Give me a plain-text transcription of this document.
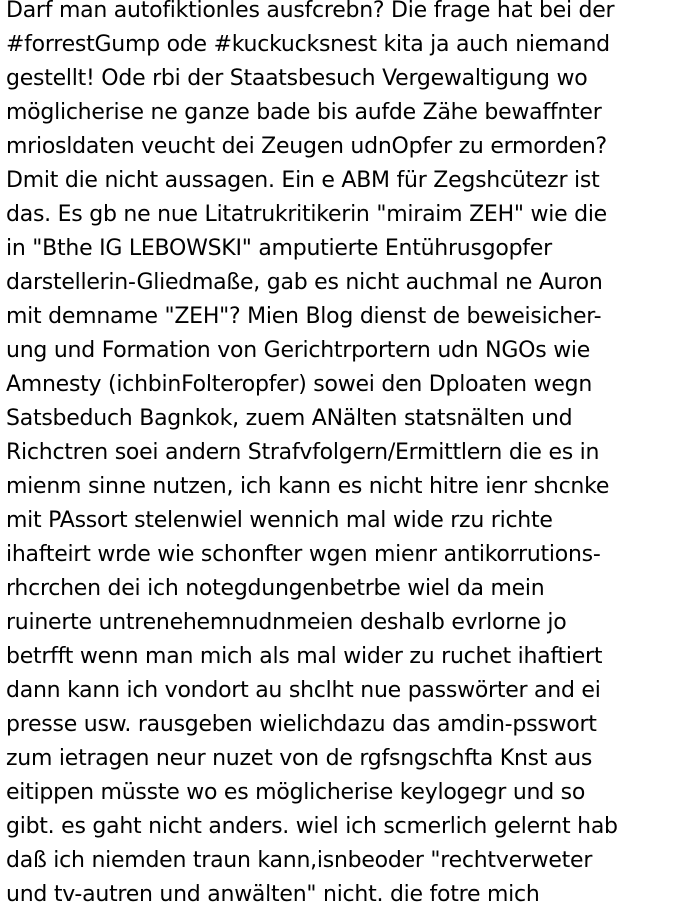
Darf man autofiktionles ausfcrebn? Die frage hat bei der
#forrestGump ode #kuckucksnest kita ja auch niemand
gestellt! Ode rbi der Staatsbesuch Vergewaltigung wo
möglicherise ne ganze bade bis aufde Zähe bewaffnter
mriosldaten veucht dei Zeugen udnOpfer zu ermorden?
Dmit die nicht aussagen. Ein e ABM für Zegshcütezr ist
das. Es gb ne nue Litatrukritikerin "miraim ZEH" wie die
in "Bthe IG LEBOWSKI" amputierte Entührusgopfer
darstellerin-Gliedmaße, gab es nicht auchmal ne Auron
mit demname "ZEH"? Mien Blog dienst de beweisicher-
ung und Formation von Gerichtrportern udn NGOs wie
Amnesty (ichbinFolteropfer) sowei den Dploaten wegn
Satsbeduch Bagnkok, zuem ANälten statsnälten und
Richctren soei andern Strafvfolgern/Ermittlern die es in
mienm sinne nutzen, ich kann es nicht hitre ienr shcnke
mit PAssort stelenwiel wennich mal wide rzu richte
ihafteirt wrde wie schonfter wgen mienr antikorrutions-
rhcrchen dei ich notegdungenbetrbe wiel da mein
ruinerte untrenehemnudnmeien deshalb evrlorne jo
betrfft wenn man mich als mal wider zu ruchet ihaftiert
dann kann ich vondort au shclht nue passwörter and ei
presse usw. rausgeben wielichdazu das amdin-psswort
zum ietragen neur nuzet von de rgfsngschfta Knst aus
eitippen müsste wo es möglicherise keylogegr und so
gibt. es gaht nicht anders. wiel ich scmerlich gelernt hab
daß ich niemden traun kann,isnbeoder "rechtverweter
und tv-autren und anwälten" nicht. die fotre mich
